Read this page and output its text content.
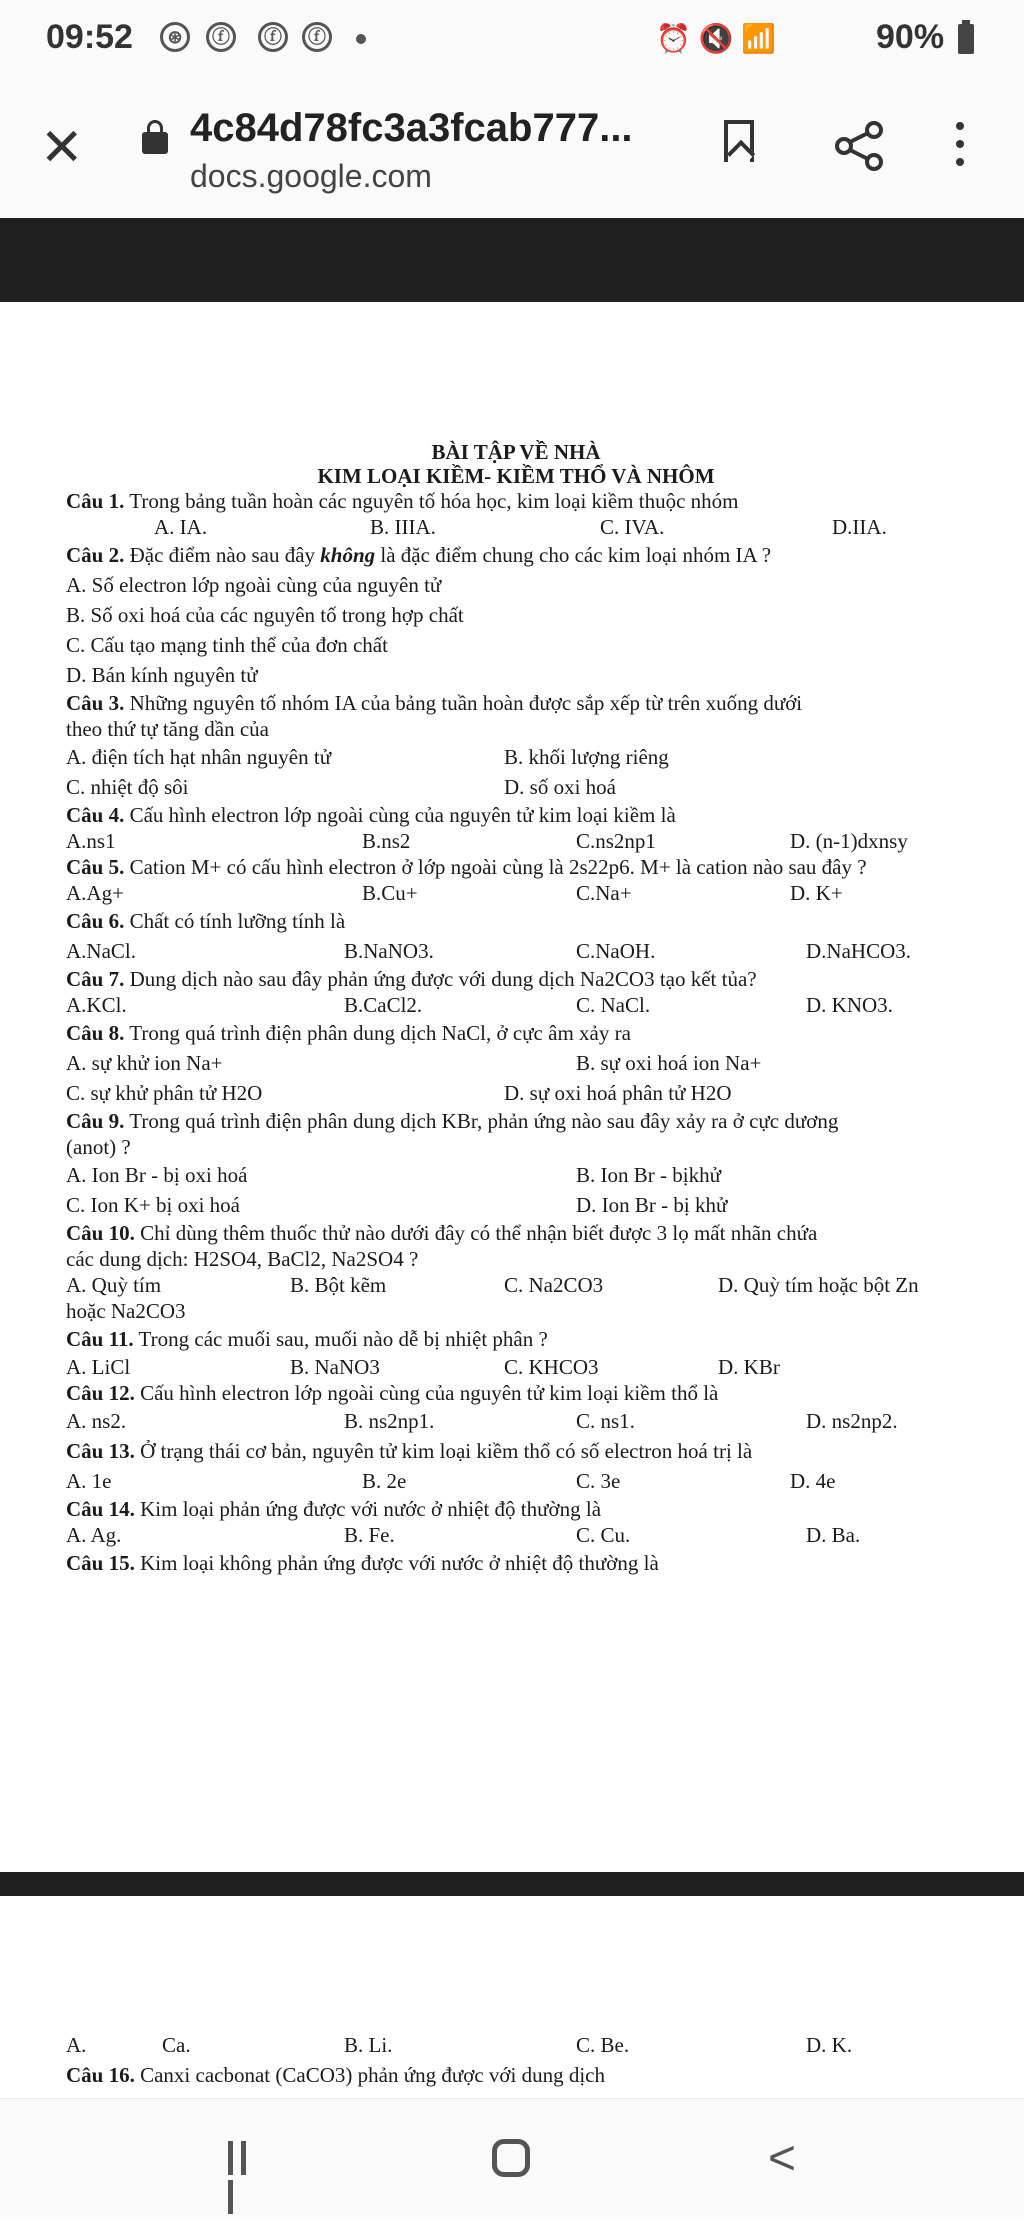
09:52	⊛	ⓕ	ⓕ	ⓕ	⏰ 🔇 📶	90%
✕	4c84d78fc3a3fcab777...
docs.google.com
BÀI TẬP VỀ NHÀ
KIM LOẠI KIỀM- KIỀM THỔ VÀ NHÔM
Câu 1. Trong bảng tuần hoàn các nguyên tố hóa học, kim loại kiềm thuộc nhóm
A. IA.	B. IIIA.	C. IVA.	D.IIA.
Câu 2. Đặc điểm nào sau đây không là đặc điểm chung cho các kim loại nhóm IA ?
A. Số electron lớp ngoài cùng của nguyên tử
B. Số oxi hoá của các nguyên tố trong hợp chất
C. Cấu tạo mạng tinh thể của đơn chất
D. Bán kính nguyên tử
Câu 3. Những nguyên tố nhóm IA của bảng tuần hoàn được sắp xếp từ trên xuống dưới
theo thứ tự tăng dần của
A. điện tích hạt nhân nguyên tử	B. khối lượng riêng
C. nhiệt độ sôi	D. số oxi hoá
Câu 4. Cấu hình electron lớp ngoài cùng của nguyên tử kim loại kiềm là
A.ns1	B.ns2	C.ns2np1	D. (n-1)dxnsy
Câu 5. Cation M+ có cấu hình electron ở lớp ngoài cùng là 2s22p6. M+ là cation nào sau đây ?
A.Ag+	B.Cu+	C.Na+	D. K+
Câu 6. Chất có tính lưỡng tính là
A.NaCl.	B.NaNO3.	C.NaOH.	D.NaHCO3.
Câu 7. Dung dịch nào sau đây phản ứng được với dung dịch Na2CO3 tạo kết tủa?
A.KCl.	B.CaCl2.	C. NaCl.	D. KNO3.
Câu 8. Trong quá trình điện phân dung dịch NaCl, ở cực âm xảy ra
A. sự khử ion Na+	B. sự oxi hoá ion Na+
C. sự khử phân tử H2O	D. sự oxi hoá phân tử H2O
Câu 9. Trong quá trình điện phân dung dịch KBr, phản ứng nào sau đây xảy ra ở cực dương
(anot) ?
A. Ion Br - bị oxi hoá	B. Ion Br - bịkhử
C. Ion K+ bị oxi hoá	D. Ion Br - bị khử
Câu 10. Chỉ dùng thêm thuốc thử nào dưới đây có thể nhận biết được 3 lọ mất nhãn chứa
các dung dịch: H2SO4, BaCl2, Na2SO4 ?
A. Quỳ tím	B. Bột kẽm	C. Na2CO3	D. Quỳ tím hoặc bột Zn
hoặc Na2CO3
Câu 11. Trong các muối sau, muối nào dễ bị nhiệt phân ?
A. LiCl	B. NaNO3	C. KHCO3	D. KBr
Câu 12. Cấu hình electron lớp ngoài cùng của nguyên tử kim loại kiềm thổ là
A. ns2.	B. ns2np1.	C. ns1.	D. ns2np2.
Câu 13. Ở trạng thái cơ bản, nguyên tử kim loại kiềm thổ có số electron hoá trị là
A. 1e	B. 2e	C. 3e	D. 4e
Câu 14. Kim loại phản ứng được với nước ở nhiệt độ thường là
A. Ag.	B. Fe.	C. Cu.	D. Ba.
Câu 15. Kim loại không phản ứng được với nước ở nhiệt độ thường là
A.	Ca.	B. Li.	C. Be.	D. K.
Câu 16. Canxi cacbonat (CaCO3) phản ứng được với dung dịch
<
